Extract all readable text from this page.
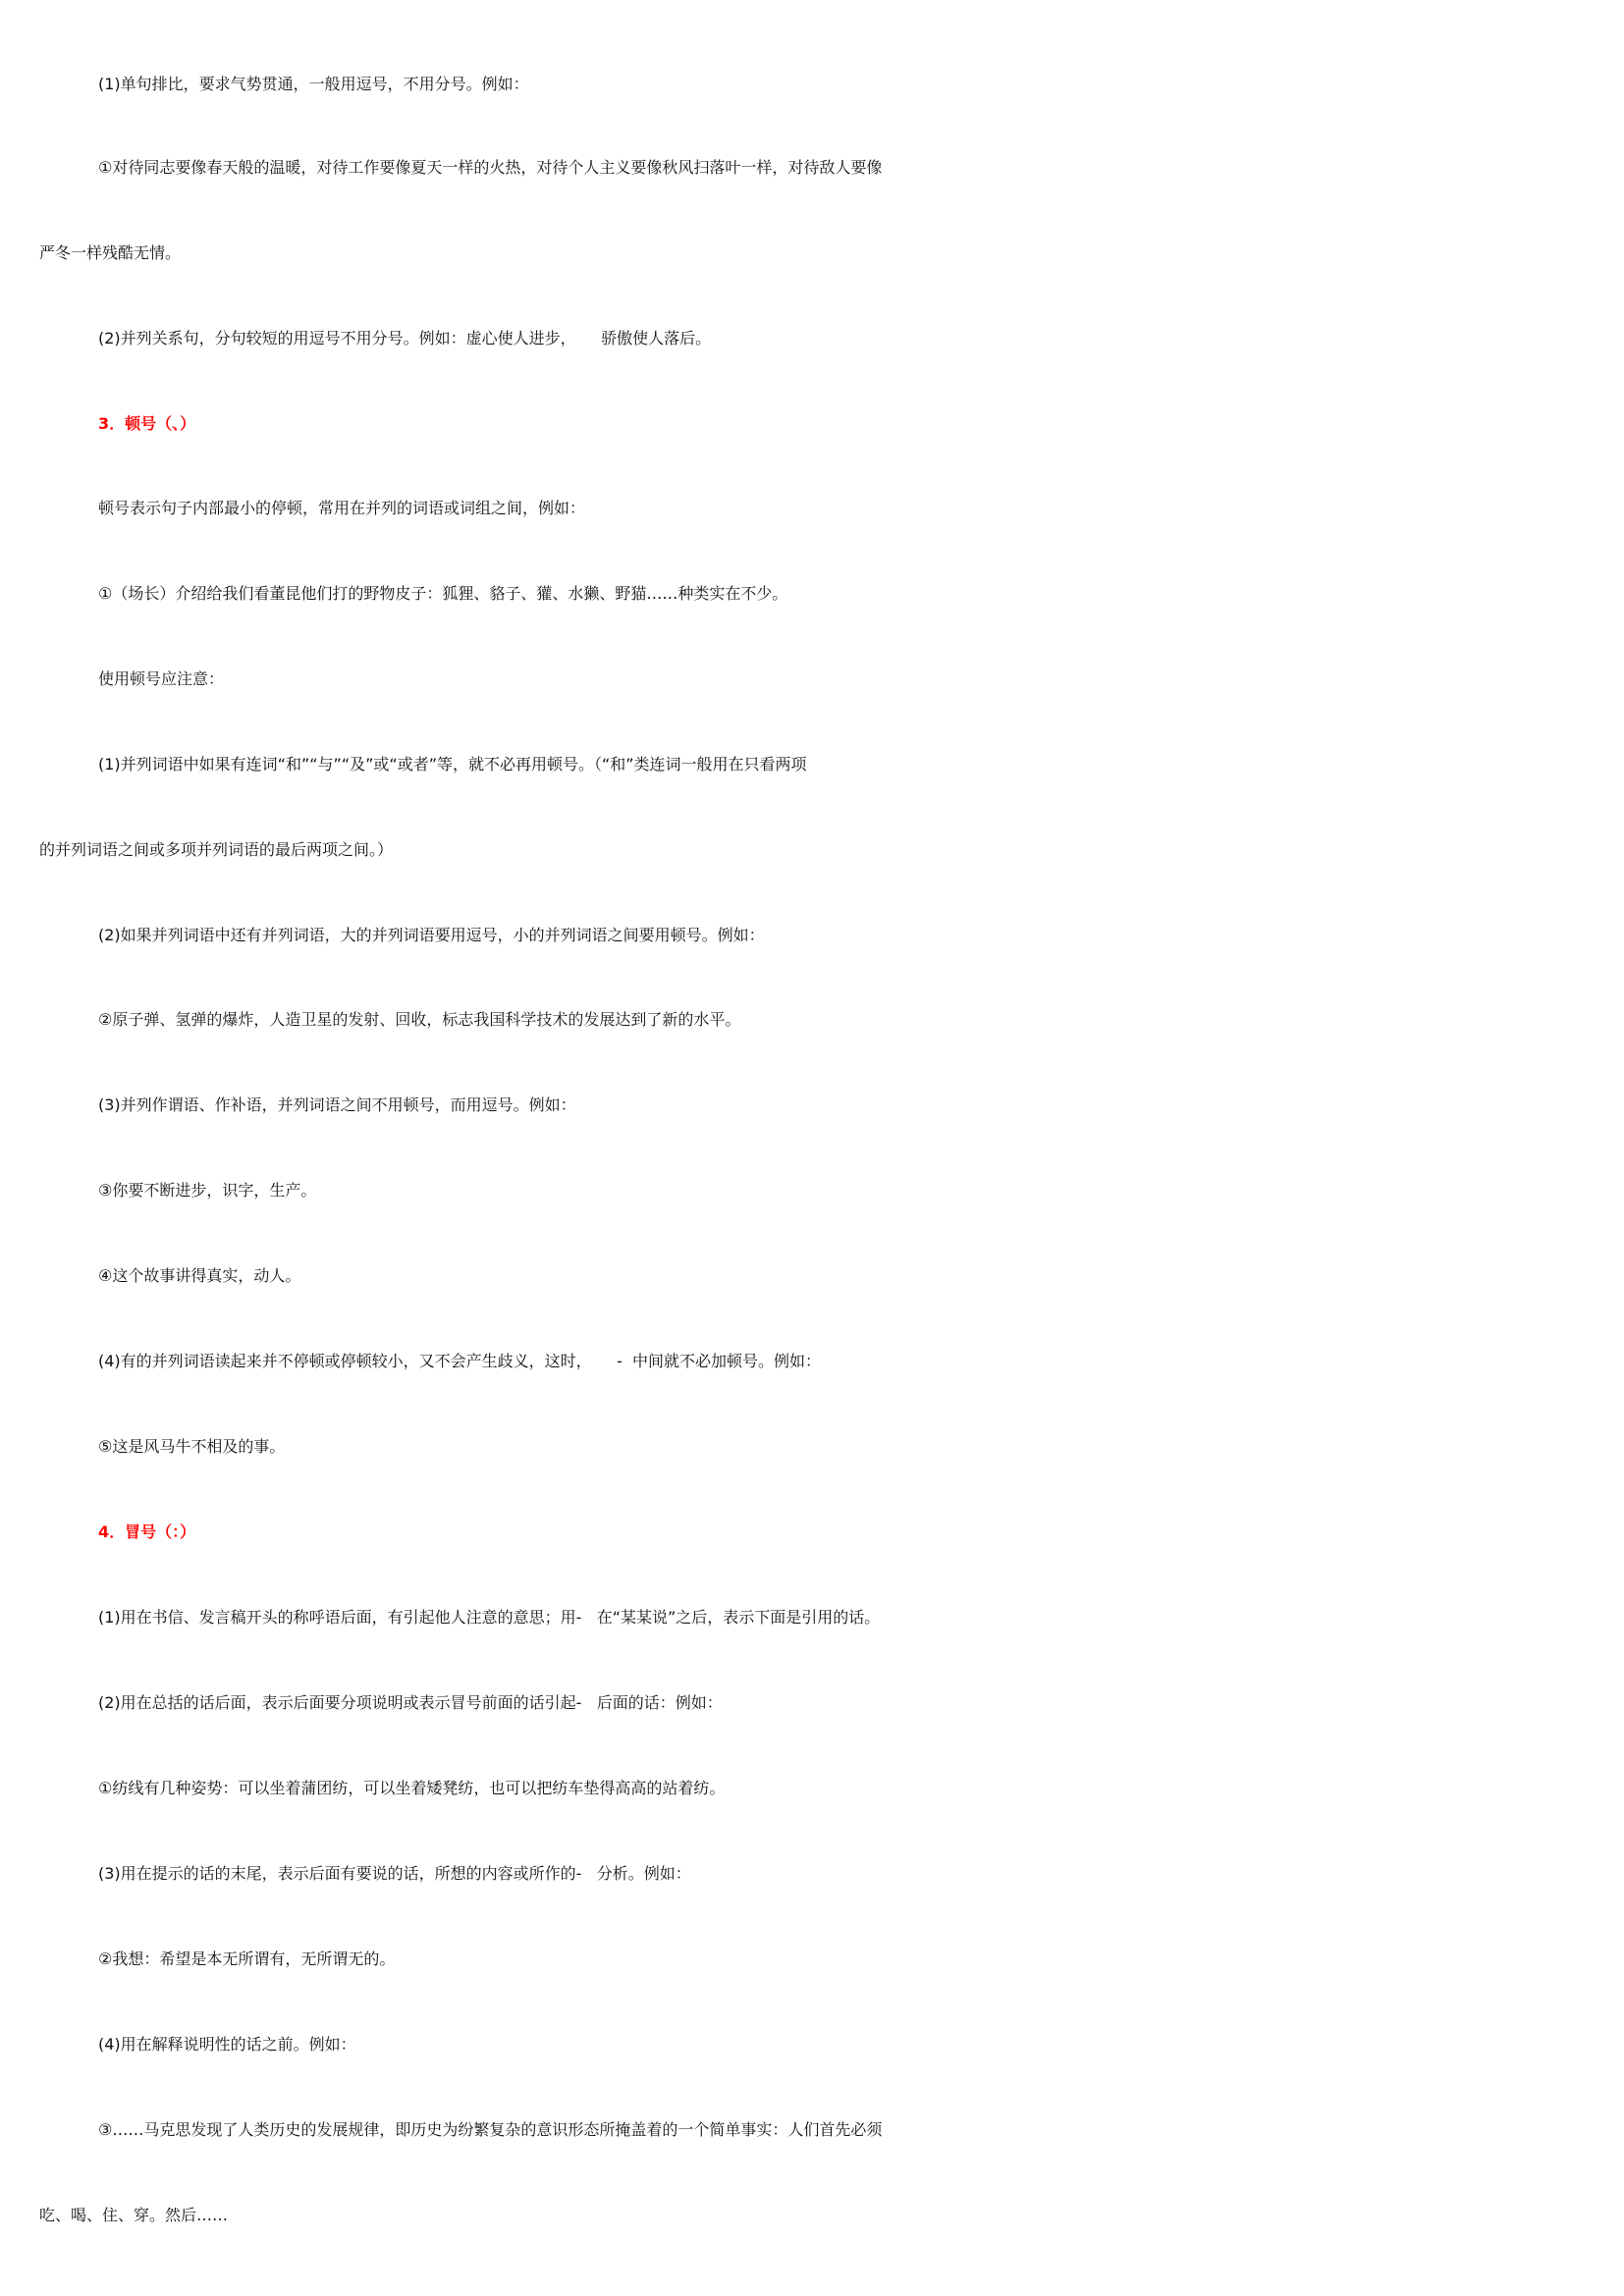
(1)单句排比，要求气势贯通，一般用逗号，不用分号。例如：
①对待同志要像春天般的温暖，对待工作要像夏天一样的火热，对待个人主义要像秋风扫落叶一样，对待敌人要像
严冬一样残酷无情。
(2)并列关系句，分句较短的用逗号不用分号。例如：虚心使人进步，     骄傲使人落后。
3．顿号（、）
顿号表示句子内部最小的停顿，常用在并列的词语或词组之间，例如：
①（场长）介绍给我们看董昆他们打的野物皮子：狐狸、貉子、獾、水獭、野猫……种类实在不少。
使用顿号应注意：
(1)并列词语中如果有连词“和”“与”“及”或“或者”等，就不必再用顿号。（“和”类连词一般用在只看两项
的并列词语之间或多项并列词语的最后两项之间。）
(2)如果并列词语中还有并列词语，大的并列词语要用逗号，小的并列词语之间要用顿号。例如：
②原子弹、氢弹的爆炸，人造卫星的发射、回收，标志我国科学技术的发展达到了新的水平。
(3)并列作谓语、作补语，并列词语之间不用顿号，而用逗号。例如：
③你要不断进步，识字，生产。
④这个故事讲得真实，动人。
(4)有的并列词语读起来并不停顿或停顿较小，又不会产生歧义，这时，     -  中间就不必加顿号。例如：
⑤这是风马牛不相及的事。
4．冒号（：）
(1)用在书信、发言稿开头的称呼语后面，有引起他人注意的意思；用-   在“某某说”之后，表示下面是引用的话。
(2)用在总括的话后面，表示后面要分项说明或表示冒号前面的话引起-   后面的话：例如：
①纺线有几种姿势：可以坐着蒲团纺，可以坐着矮凳纺，也可以把纺车垫得高高的站着纺。
(3)用在提示的话的末尾，表示后面有要说的话，所想的内容或所作的-   分析。例如：
②我想：希望是本无所谓有，无所谓无的。
(4)用在解释说明性的话之前。例如：
③……马克思发现了人类历史的发展规律，即历史为纷繁复杂的意识形态所掩盖着的一个简单事实：人们首先必须
吃、喝、住、穿。然后……
